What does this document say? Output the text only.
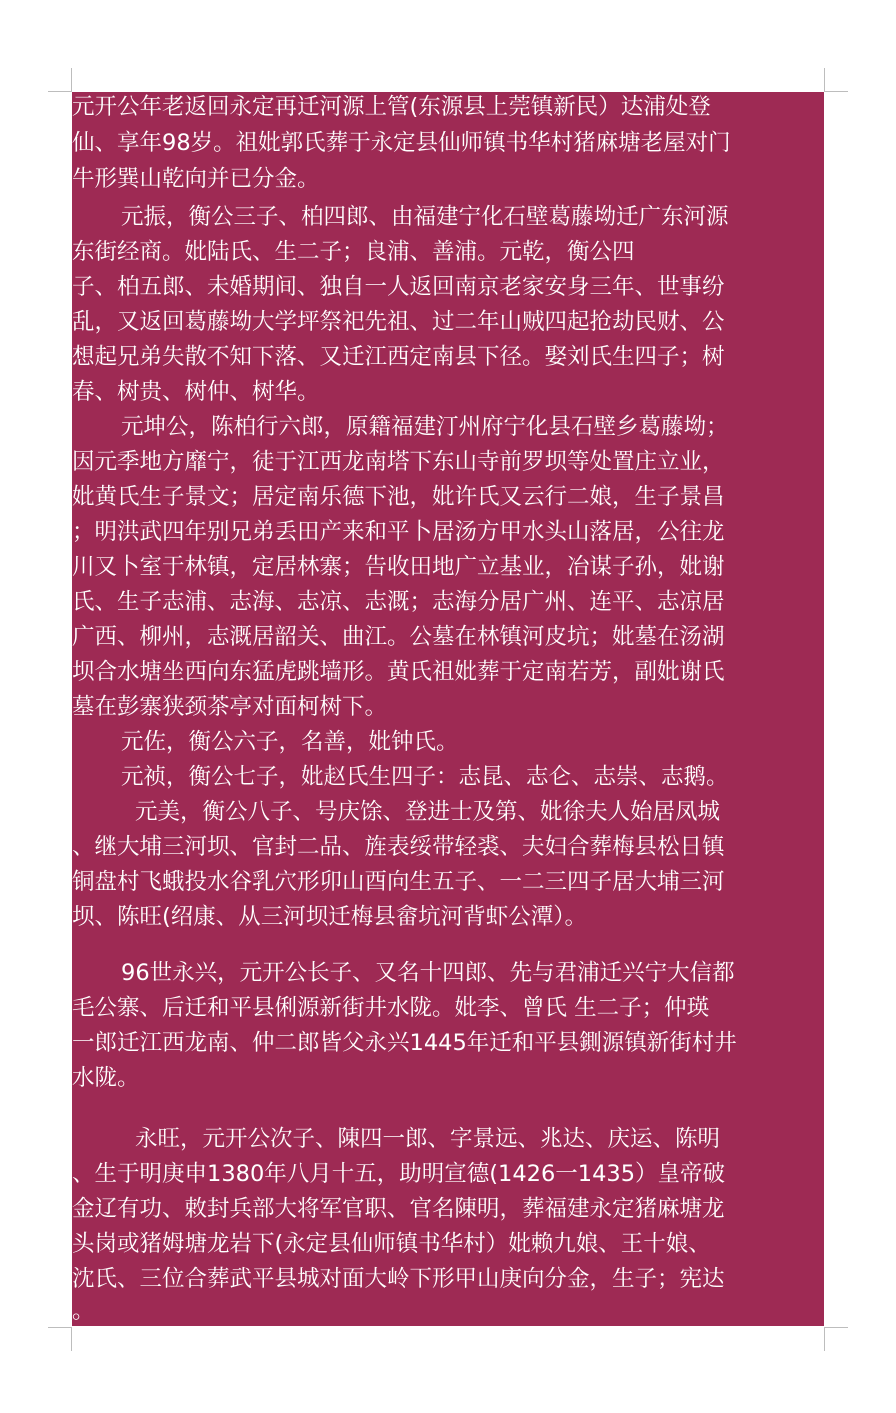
元开公年老返回永定再迁河源上管(东源县上莞镇新民）达浦处登
仙、享年98岁。祖妣郭氏葬于永定县仙师镇书华村猪麻塘老屋对门
牛形巽山乾向并已分金。
元振，衡公三子、柏四郎、由福建宁化石壁葛藤坳迁广东河源
东街经商。妣陆氏、生二子；良浦、善浦。元乾，衡公四
子、柏五郎、未婚期间、独自一人返回南京老家安身三年、世事纷
乱，又返回葛藤坳大学坪祭祀先祖、过二年山贼四起抢劫民财、公
想起兄弟失散不知下落、又迁江西定南县下径。娶刘氏生四子；树
春、树贵、树仲、树华。
元坤公，陈柏行六郎，原籍福建汀州府宁化县石壁乡葛藤坳；
因元季地方靡宁，徒于江西龙南塔下东山寺前罗坝等处置庄立业，
妣黄氏生子景文；居定南乐德下池，妣许氏又云行二娘，生子景昌
；明洪武四年别兄弟丢田产来和平卜居汤方甲水头山落居，公往龙
川又卜室于林镇，定居林寨；告收田地广立基业，冶谋子孙，妣谢
氏、生子志浦、志海、志凉、志溉；志海分居广州、连平、志凉居
广西、柳州，志溉居韶关、曲江。公墓在林镇河皮坑；妣墓在汤湖
坝合水塘坐西向东猛虎跳墙形。黄氏祖妣葬于定南若芳，副妣谢氏
墓在彭寨狭颈茶亭对面柯树下。
元佐，衡公六子，名善，妣钟氏。
元祯，衡公七子，妣赵氏生四子：志昆、志仑、志崇、志鹅。
元美，衡公八子、号庆馀、登进士及第、妣徐夫人始居凤城
、继大埔三河坝、官封二品、旌表绥带轻裘、夫妇合葬梅县松日镇
铜盘村飞蛾投水谷乳穴形卯山酉向生五子、一二三四子居大埔三河
坝、陈旺(绍康、从三河坝迁梅县畲坑河背虾公潭）。
96世永兴，元开公长子、又名十四郎、先与君浦迁兴宁大信都
毛公寨、后迁和平县俐源新街井水陇。妣李、曾氏 生二子；仲瑛
一郎迁江西龙南、仲二郎皆父永兴1445年迁和平县鍘源镇新街村井
水陇。
永旺，元开公次子、陳四一郎、字景远、兆达、庆运、陈明
、生于明庚申1380年八月十五，助明宣德(1426一1435）皇帝破
金辽有功、敕封兵部大将军官职、官名陳明，葬福建永定猪麻塘龙
头岗或猪姆塘龙岩下(永定县仙师镇书华村）妣赖九娘、王十娘、
沈氏、三位合葬武平县城对面大岭下形甲山庚向分金，生子；宪达
。
